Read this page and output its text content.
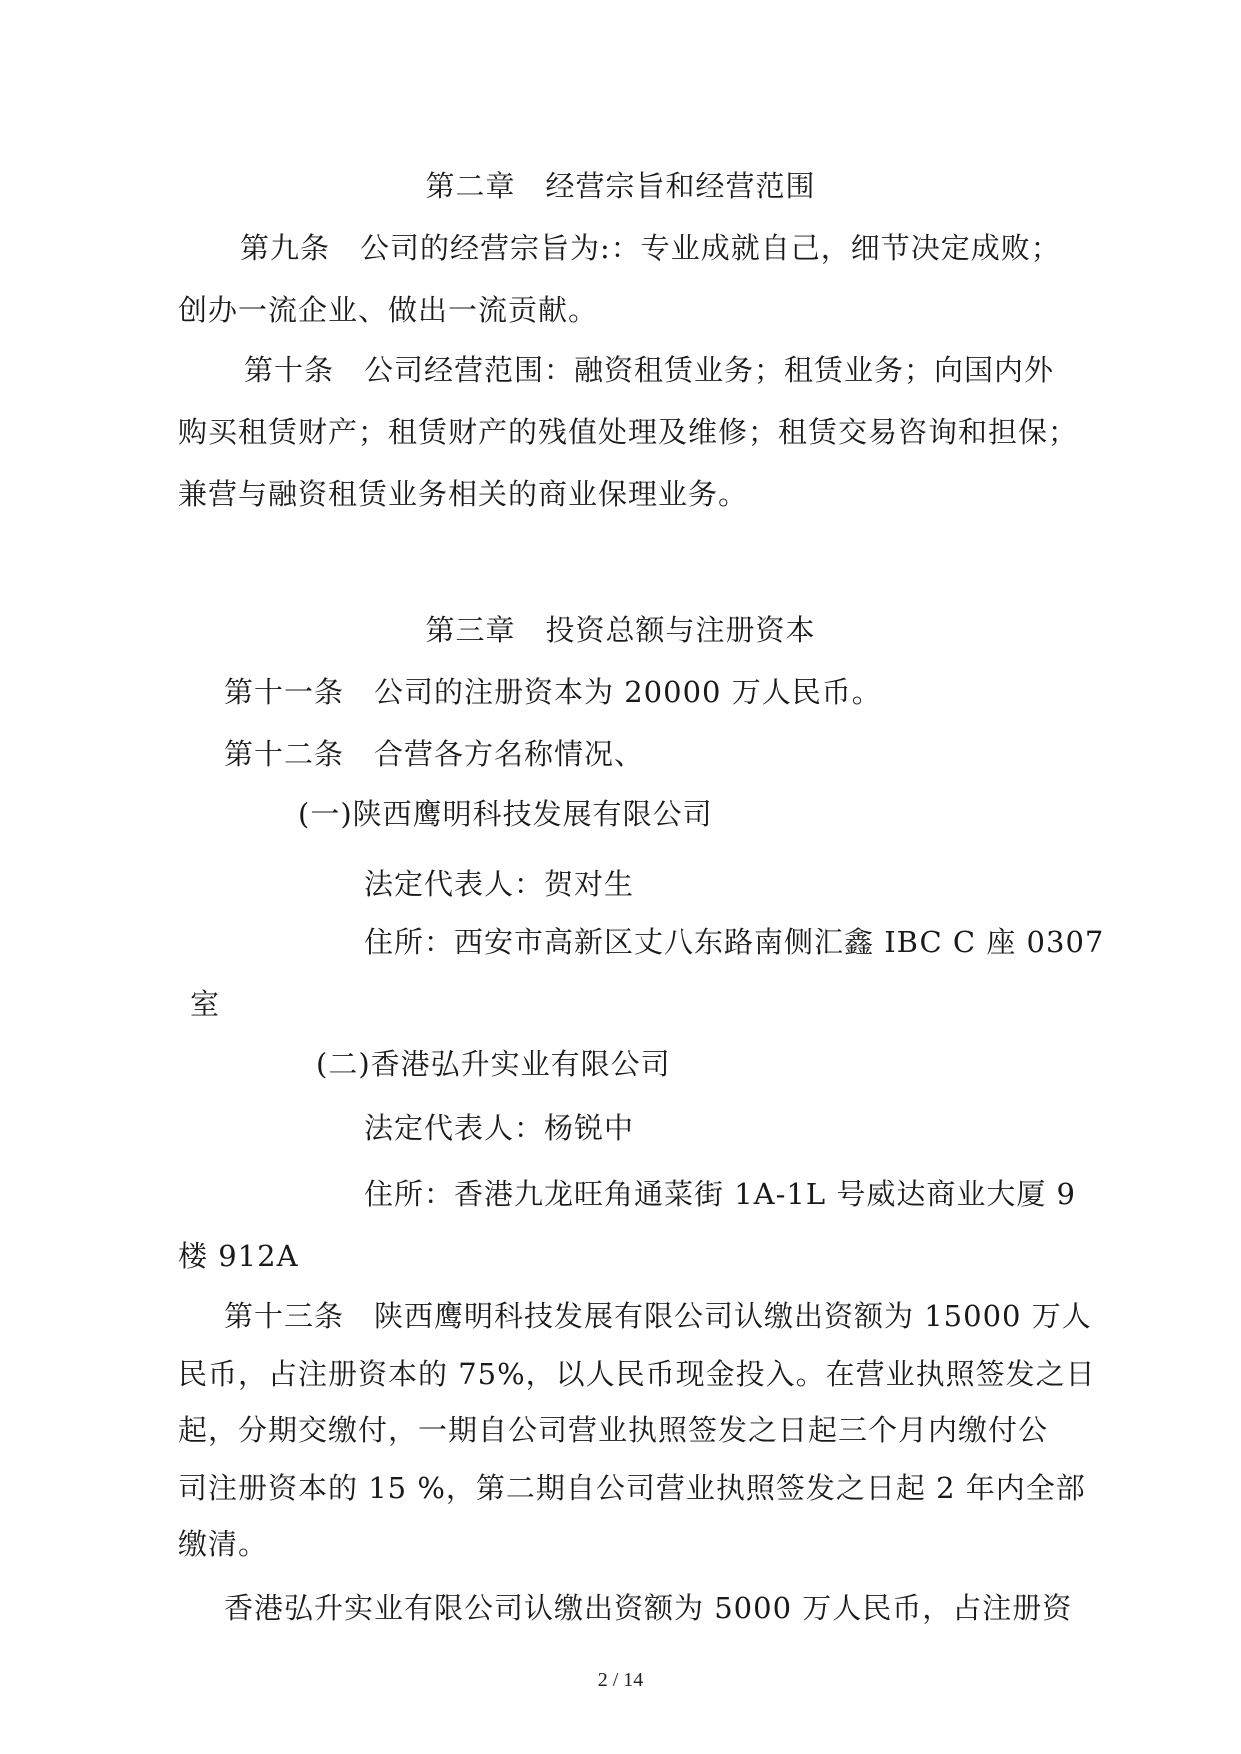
第二章　经营宗旨和经营范围
第九条　公司的经营宗旨为:：专业成就自己，细节决定成败；
创办一流企业、做出一流贡献。
第十条　公司经营范围：融资租赁业务；租赁业务；向国内外
购买租赁财产；租赁财产的残值处理及维修；租赁交易咨询和担保；
兼营与融资租赁业务相关的商业保理业务。
第三章　投资总额与注册资本
第十一条　公司的注册资本为 20000 万人民币。
第十二条　合营各方名称情况、
(一)陕西鹰明科技发展有限公司
法定代表人：贺对生
住所：西安市高新区丈八东路南侧汇鑫 IBC C 座 0307
室
(二)香港弘升实业有限公司
法定代表人：杨锐中
住所：香港九龙旺角通菜街 1A-1L 号威达商业大厦 9
楼 912A
第十三条　陕西鹰明科技发展有限公司认缴出资额为 15000 万人
民币，占注册资本的 75%，以人民币现金投入。在营业执照签发之日
起，分期交缴付，一期自公司营业执照签发之日起三个月内缴付公
司注册资本的 15 %，第二期自公司营业执照签发之日起 2 年内全部
缴清。
香港弘升实业有限公司认缴出资额为 5000 万人民币，占注册资
2 / 14
